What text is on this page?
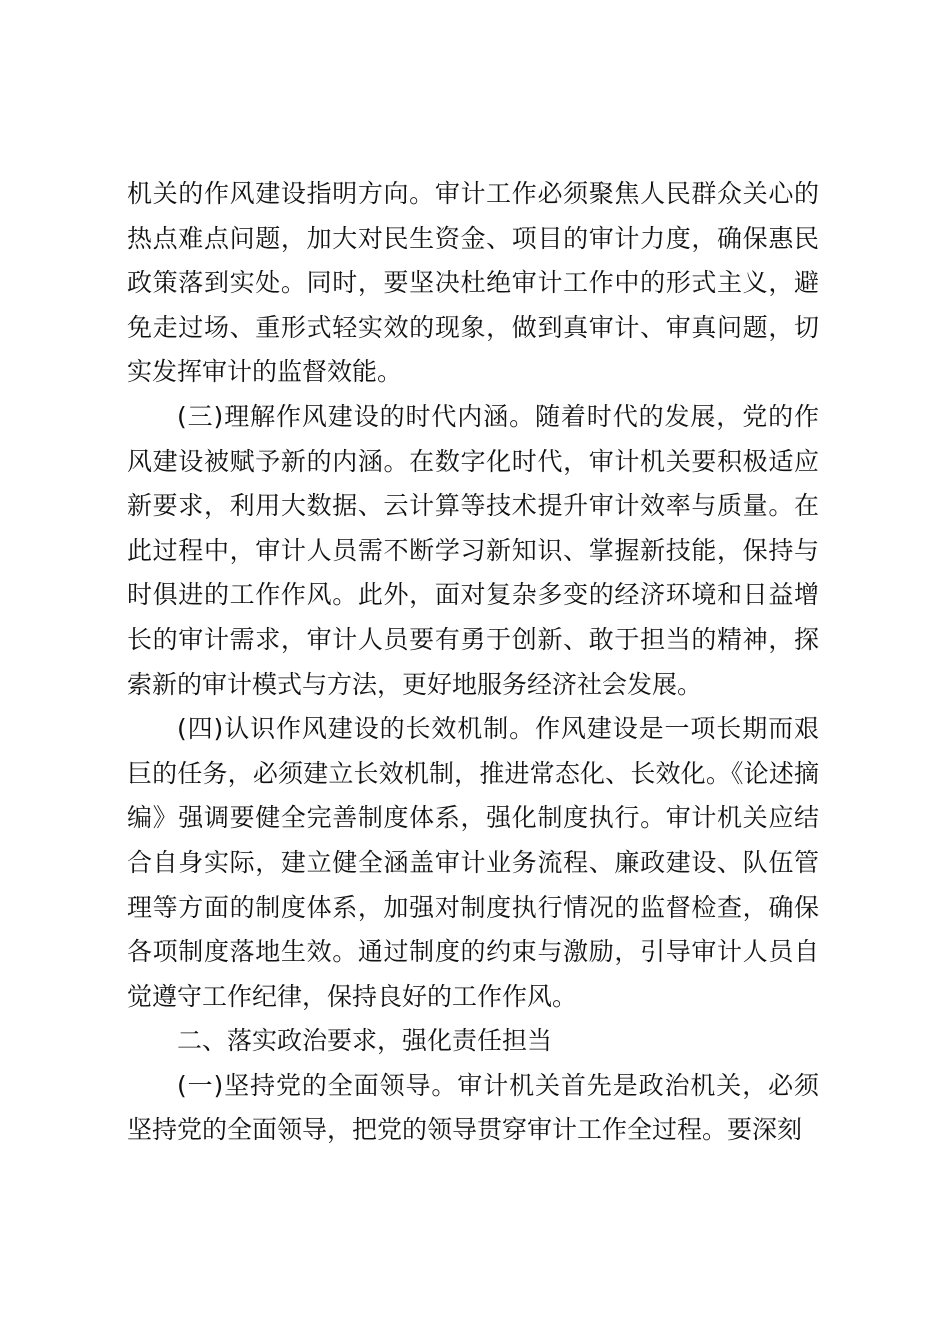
机关的作风建设指明方向。审计工作必须聚焦人民群众关心的热点难点问题，加大对民生资金、项目的审计力度，确保惠民政策落到实处。同时，要坚决杜绝审计工作中的形式主义，避免走过场、重形式轻实效的现象，做到真审计、审真问题，切实发挥审计的监督效能。

(三)理解作风建设的时代内涵。随着时代的发展，党的作风建设被赋予新的内涵。在数字化时代，审计机关要积极适应新要求，利用大数据、云计算等技术提升审计效率与质量。在此过程中，审计人员需不断学习新知识、掌握新技能，保持与时俱进的工作作风。此外，面对复杂多变的经济环境和日益增长的审计需求，审计人员要有勇于创新、敢于担当的精神，探索新的审计模式与方法，更好地服务经济社会发展。

(四)认识作风建设的长效机制。作风建设是一项长期而艰巨的任务，必须建立长效机制，推进常态化、长效化。《论述摘编》强调要健全完善制度体系，强化制度执行。审计机关应结合自身实际，建立健全涵盖审计业务流程、廉政建设、队伍管理等方面的制度体系，加强对制度执行情况的监督检查，确保各项制度落地生效。通过制度的约束与激励，引导审计人员自觉遵守工作纪律，保持良好的工作作风。

二、落实政治要求，强化责任担当

(一)坚持党的全面领导。审计机关首先是政治机关，必须坚持党的全面领导，把党的领导贯穿审计工作全过程。要深刻
